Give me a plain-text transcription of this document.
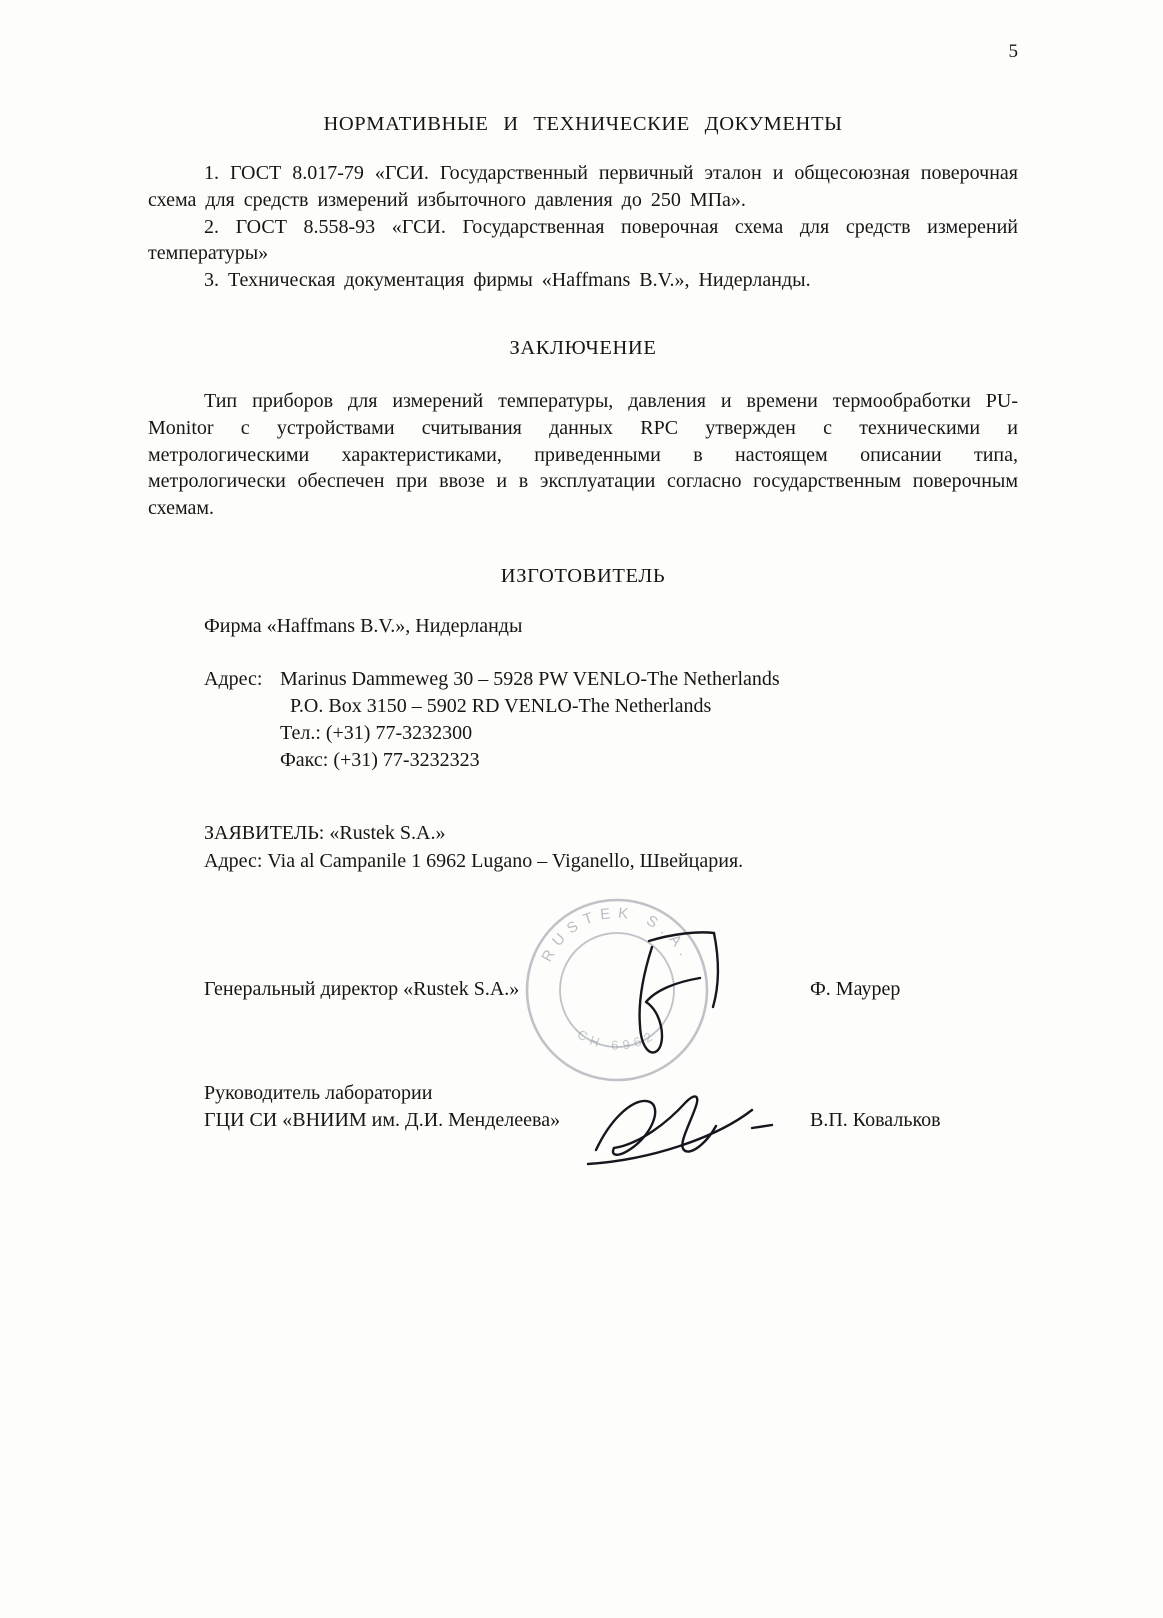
5
НОРМАТИВНЫЕ И ТЕХНИЧЕСКИЕ ДОКУМЕНТЫ

1. ГОСТ 8.017-79 «ГСИ. Государственный первичный эталон и общесоюзная поверочная схема для средств измерений избыточного давления до 250 МПа».

2. ГОСТ 8.558-93 «ГСИ. Государственная поверочная схема для средств измерений температуры»

3. Техническая документация фирмы «Haffmans B.V.», Нидерланды.

ЗАКЛЮЧЕНИЕ

Тип приборов для измерений температуры, давления и времени термообработки PU-Monitor с устройствами считывания данных RPC утвержден с техническими и метрологическими характеристиками, приведенными в настоящем описании типа, метрологически обеспечен при ввозе и в эксплуатации согласно государственным поверочным схемам.

ИЗГОТОВИТЕЛЬ
Фирма «Haffmans B.V.», Нидерланды
Адрес: Marinus Dammeweg 30 – 5928 PW VENLO-The Netherlands
P.O. Box 3150 – 5902 RD VENLO-The Netherlands
Тел.: (+31) 77-3232300
Факс: (+31) 77-3232323
ЗАЯВИТЕЛЬ: «Rustek S.A.»
Адрес: Via al Campanile 1 6962 Lugano – Viganello, Швейцария.
Генеральный директор «Rustek S.A.»	Ф. Маурер
Руководитель лаборатории
ГЦИ СИ «ВНИИМ им. Д.И. Менделеева»	В.П. Ковальков
RUSTEK S.A.
СН 6962
